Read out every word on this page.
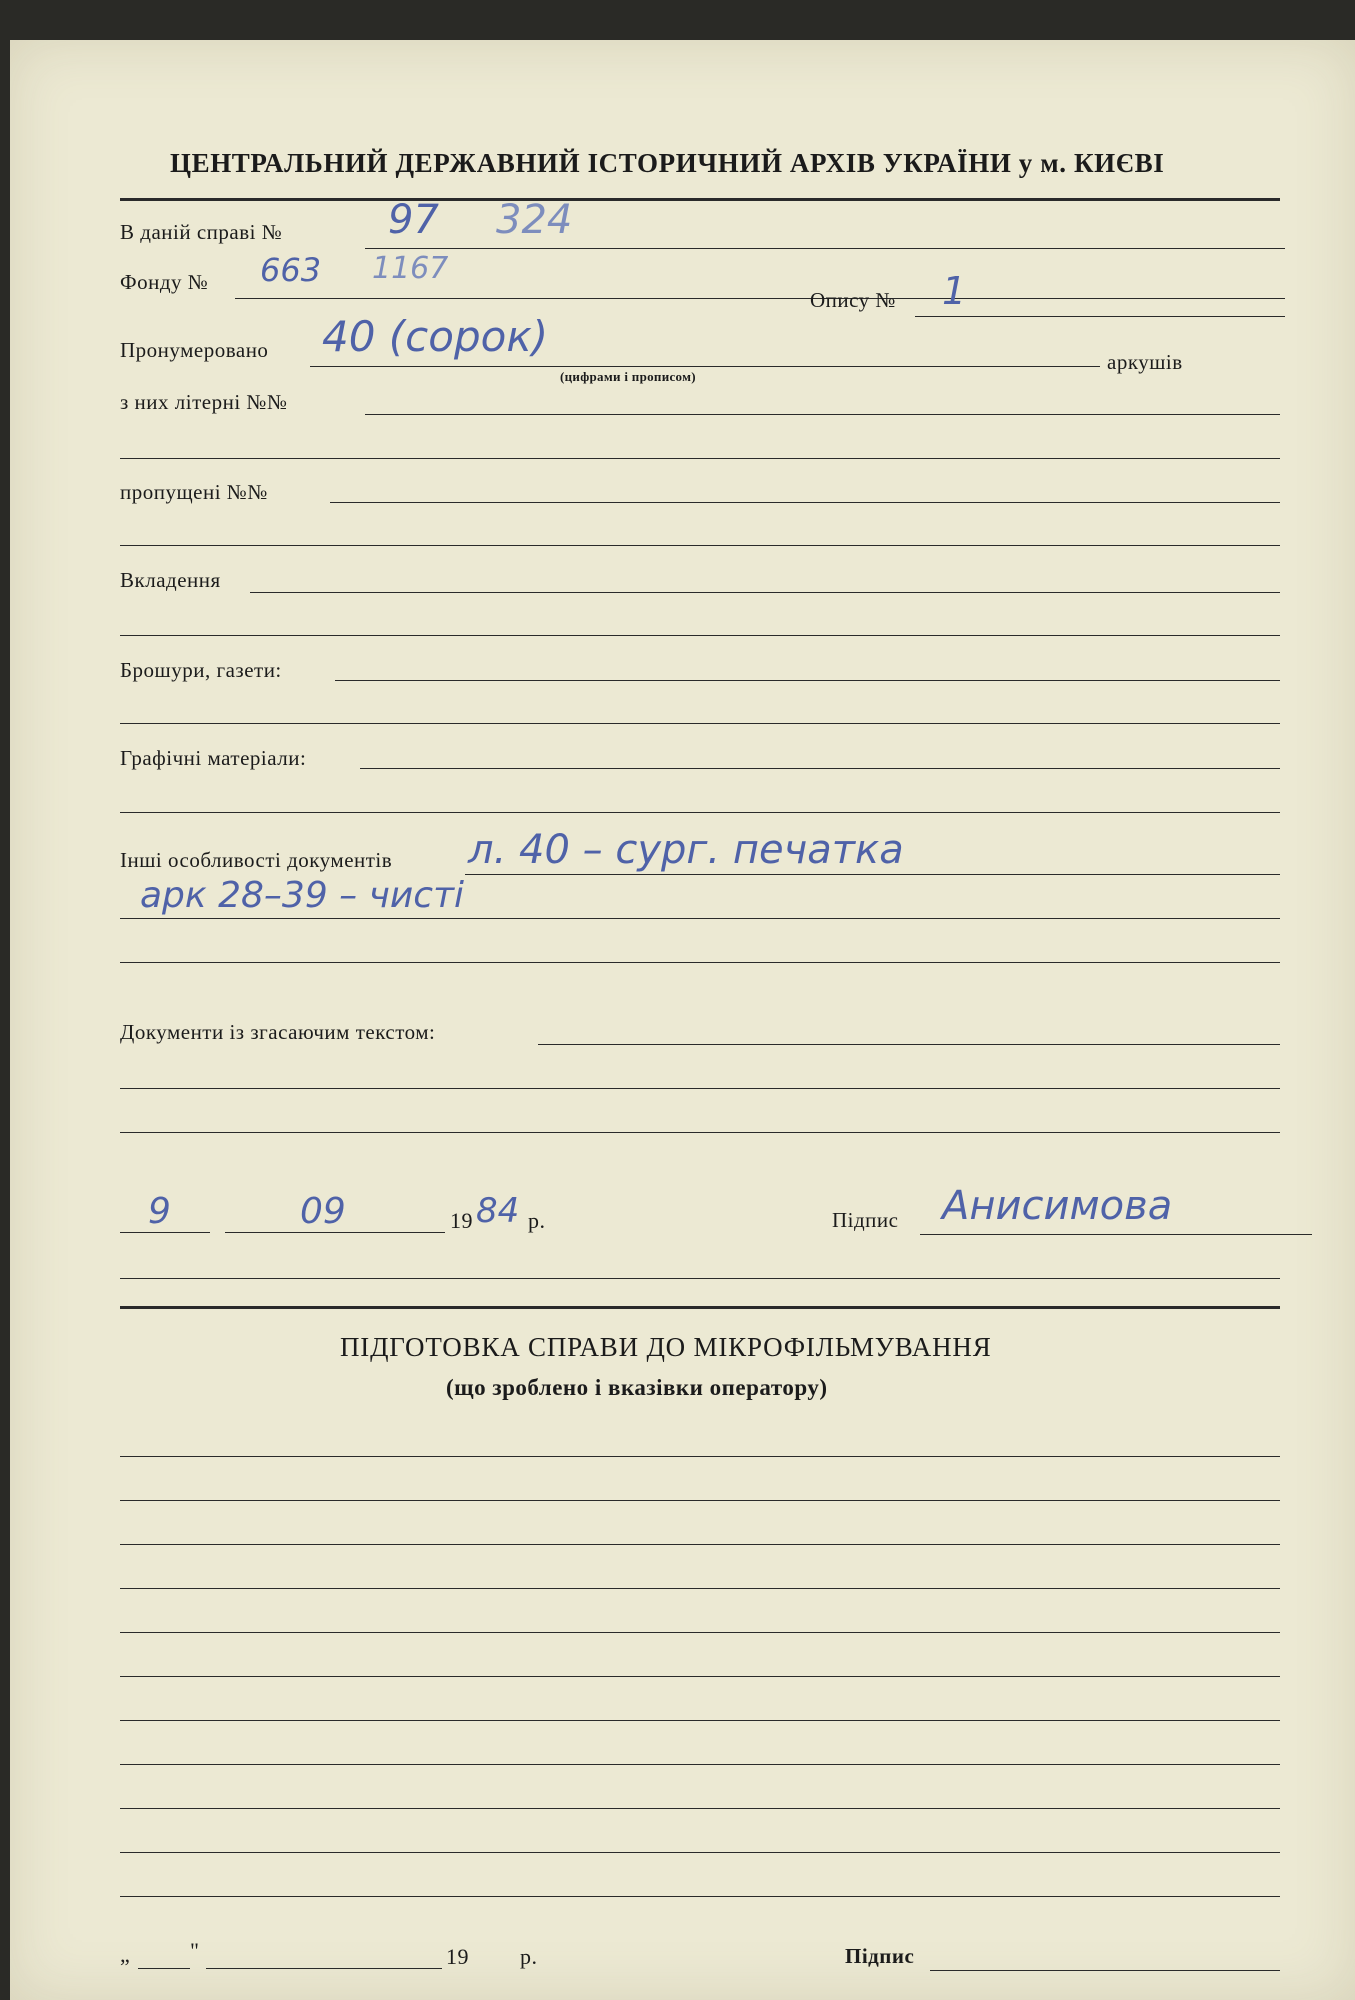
ЦЕНТРАЛЬНИЙ ДЕРЖАВНИЙ ІСТОРИЧНИЙ АРХІВ УКРАЇНИ у м. КИЄВІ
В даній справі №	97 324
Фонду № 663 1167
Опису № 1
Пронумеровано 40 (сорок)
(цифрами і прописом)
аркушів
з них літерні №№
пропущені №№
Вкладення
Брошури, газети:
Графічні матеріали:
Інші особливості документів л. 40 – сург. печатка
арк 28–39 – чисті
Документи із згасаючим текстом:
9	09	19 84 р.	Підпис Анисимова
ПІДГОТОВКА СПРАВИ ДО МІКРОФІЛЬМУВАННЯ
(що зроблено і вказівки оператору)
„	"	19 р.	Підпис
